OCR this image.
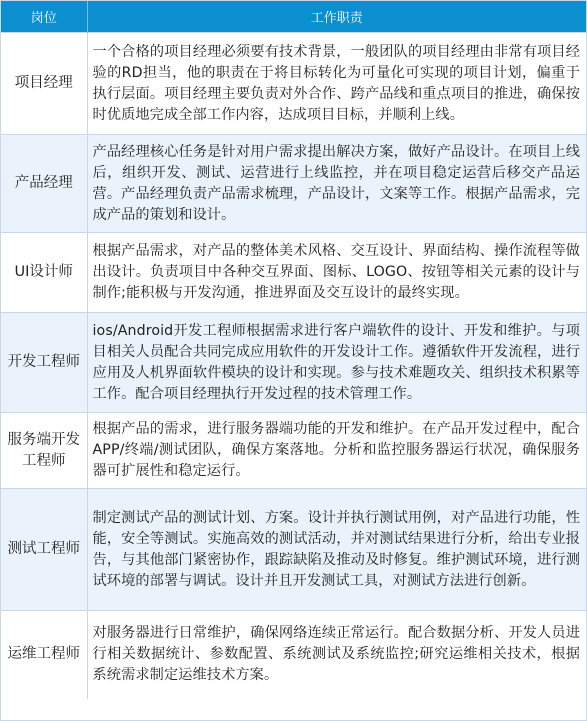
岗位	工作职责
项目经理	一个合格的项目经理必须要有技术背景，一般团队的项目经理由非常有项目经验的RD担当，他的职责在于将目标转化为可量化可实现的项目计划，偏重于执行层面。项目经理主要负责对外合作、跨产品线和重点项目的推进，确保按时优质地完成全部工作内容，达成项目目标，并顺利上线。
产品经理	产品经理核心任务是针对用户需求提出解决方案，做好产品设计。在项目上线后，组织开发、测试、运营进行上线监控，并在项目稳定运营后移交产品运营。产品经理负责产品需求梳理，产品设计，文案等工作。根据产品需求，完成产品的策划和设计。
UI设计师	根据产品需求，对产品的整体美术风格、交互设计、界面结构、操作流程等做出设计。负责项目中各种交互界面、图标、LOGO、按钮等相关元素的设计与制作;能积极与开发沟通，推进界面及交互设计的最终实现。
开发工程师	ios/Android开发工程师根据需求进行客户端软件的设计、开发和维护。与项目相关人员配合共同完成应用软件的开发设计工作。遵循软件开发流程，进行应用及人机界面软件模块的设计和实现。参与技术难题攻关、组织技术积累等工作。配合项目经理执行开发过程的技术管理工作。
服务端开发工程师	根据产品的需求，进行服务器端功能的开发和维护。在产品开发过程中，配合APP/终端/测试团队，确保方案落地。分析和监控服务器运行状况，确保服务器可扩展性和稳定运行。
测试工程师	制定测试产品的测试计划、方案。设计并执行测试用例，对产品进行功能，性能，安全等测试。实施高效的测试活动，并对测试结果进行分析，给出专业报告，与其他部门紧密协作，跟踪缺陷及推动及时修复。维护测试环境，进行测试环境的部署与调试。设计并且开发测试工具，对测试方法进行创新。
运维工程师	对服务器进行日常维护，确保网络连续正常运行。配合数据分析、开发人员进行相关数据统计、参数配置、系统测试及系统监控;研究运维相关技术，根据系统需求制定运维技术方案。
